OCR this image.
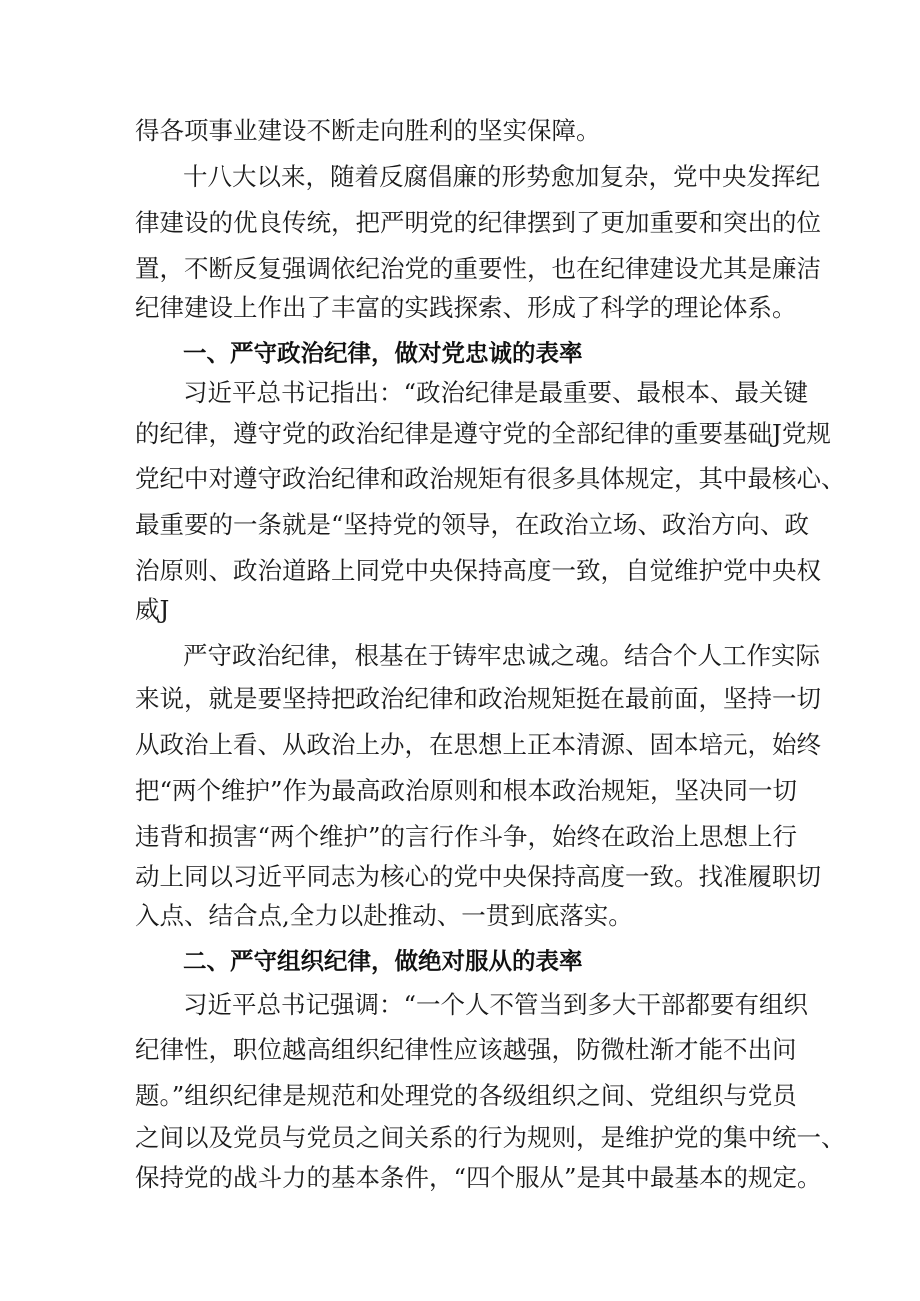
得各项事业建设不断走向胜利的坚实保障。
十八大以来，随着反腐倡廉的形势愈加复杂，党中央发挥纪
律建设的优良传统，把严明党的纪律摆到了更加重要和突出的位
置，不断反复强调依纪治党的重要性，也在纪律建设尤其是廉洁
纪律建设上作出了丰富的实践探索、形成了科学的理论体系。
一、严守政治纪律，做对党忠诚的表率
习近平总书记指出：“政治纪律是最重要、最根本、最关键
的纪律，遵守党的政治纪律是遵守党的全部纪律的重要基础J党规
党纪中对遵守政治纪律和政治规矩有很多具体规定，其中最核心、
最重要的一条就是“坚持党的领导，在政治立场、政治方向、政
治原则、政治道路上同党中央保持高度一致，自觉维护党中央权
威J
严守政治纪律，根基在于铸牢忠诚之魂。结合个人工作实际
来说，就是要坚持把政治纪律和政治规矩挺在最前面，坚持一切
从政治上看、从政治上办，在思想上正本清源、固本培元，始终
把“两个维护”作为最高政治原则和根本政治规矩，坚决同一切
违背和损害“两个维护”的言行作斗争，始终在政治上思想上行
动上同以习近平同志为核心的党中央保持高度一致。找准履职切
入点、结合点,全力以赴推动、一贯到底落实。
二、严守组织纪律，做绝对服从的表率
习近平总书记强调：“一个人不管当到多大干部都要有组织
纪律性，职位越高组织纪律性应该越强，防微杜渐才能不出问
题。”组织纪律是规范和处理党的各级组织之间、党组织与党员
之间以及党员与党员之间关系的行为规则，是维护党的集中统一、
保持党的战斗力的基本条件，“四个服从”是其中最基本的规定。
